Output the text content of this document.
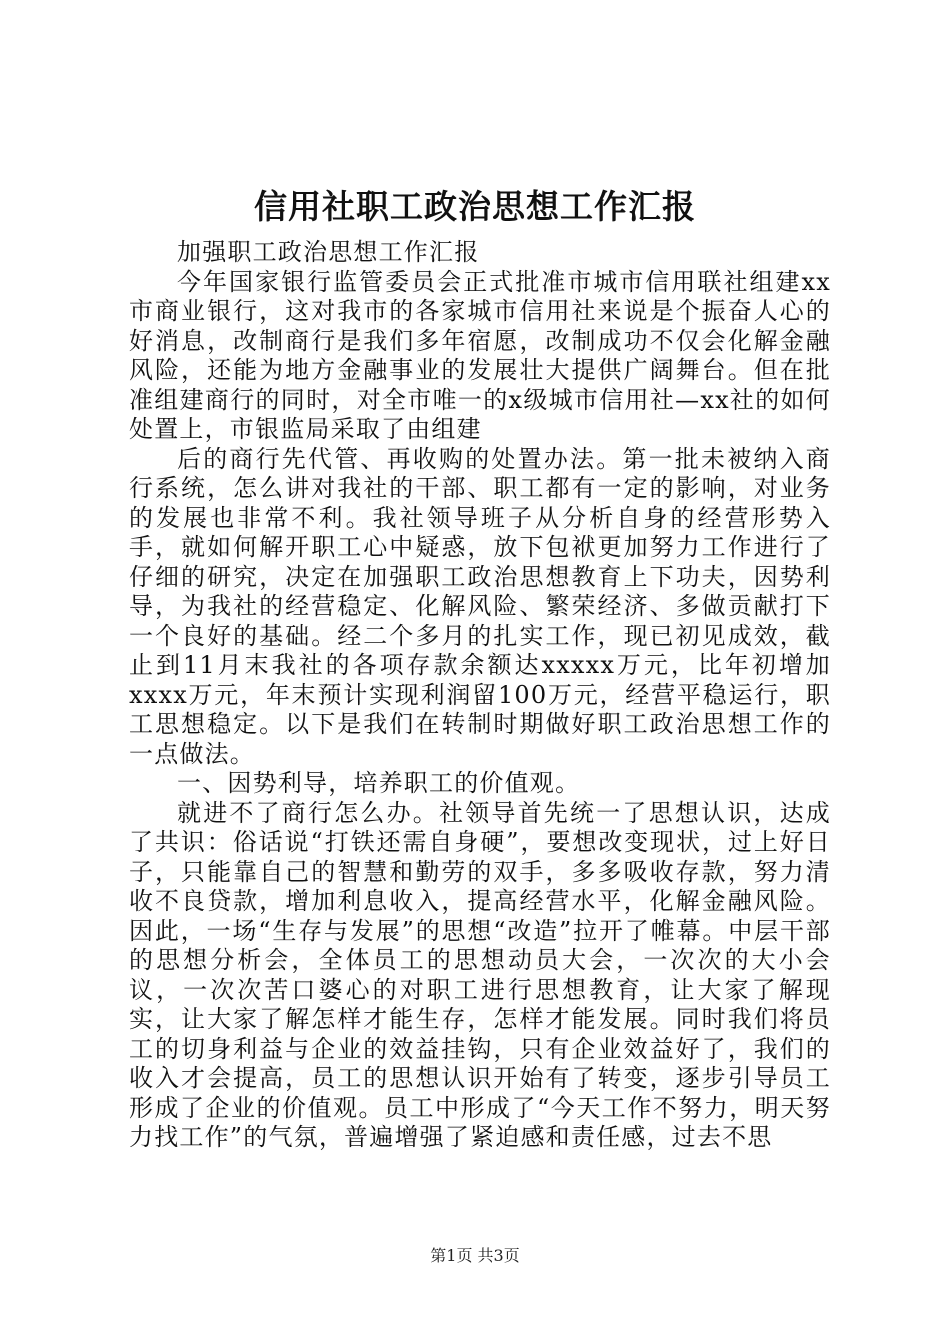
信用社职工政治思想工作汇报

加强职工政治思想工作汇报

今年国家银行监管委员会正式批准市城市信用联社组建xx市商业银行，这对我市的各家城市信用社来说是个振奋人心的好消息，改制商行是我们多年宿愿，改制成功不仅会化解金融风险，还能为地方金融事业的发展壮大提供广阔舞台。但在批准组建商行的同时，对全市唯一的x级城市信用社—xx社的如何处置上，市银监局采取了由组建

后的商行先代管、再收购的处置办法。第一批未被纳入商行系统，怎么讲对我社的干部、职工都有一定的影响，对业务的发展也非常不利。我社领导班子从分析自身的经营形势入手，就如何解开职工心中疑惑，放下包袱更加努力工作进行了仔细的研究，决定在加强职工政治思想教育上下功夫，因势利导，为我社的经营稳定、化解风险、繁荣经济、多做贡献打下一个良好的基础。经二个多月的扎实工作，现已初见成效，截止到11月末我社的各项存款余额达xxxxx万元，比年初增加xxxx万元，年末预计实现利润留100万元，经营平稳运行，职工思想稳定。以下是我们在转制时期做好职工政治思想工作的一点做法。

一、因势利导，培养职工的价值观。

就进不了商行怎么办。社领导首先统一了思想认识，达成了共识：俗话说“打铁还需自身硬”，要想改变现状，过上好日子，只能靠自己的智慧和勤劳的双手，多多吸收存款，努力清收不良贷款，增加利息收入，提高经营水平，化解金融风险。因此，一场“生存与发展”的思想“改造”拉开了帷幕。中层干部的思想分析会，全体员工的思想动员大会，一次次的大小会议，一次次苦口婆心的对职工进行思想教育，让大家了解现实，让大家了解怎样才能生存，怎样才能发展。同时我们将员工的切身利益与企业的效益挂钩，只有企业效益好了，我们的收入才会提高，员工的思想认识开始有了转变，逐步引导员工形成了企业的价值观。员工中形成了“今天工作不努力，明天努力找工作”的气氛，普遍增强了紧迫感和责任感，过去不思

第1页 共3页
